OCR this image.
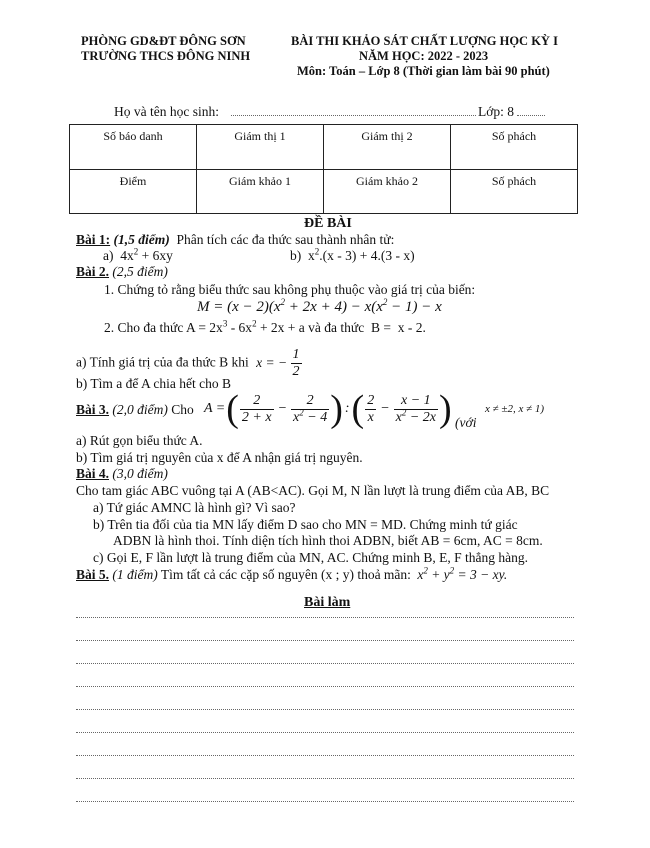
PHÒNG GD&ĐT ĐÔNG SƠN
TRƯỜNG THCS ĐÔNG NINH
BÀI THI KHẢO SÁT CHẤT LƯỢNG HỌC KỲ I
NĂM HỌC: 2022 - 2023
Môn: Toán – Lớp 8 (Thời gian làm bài 90 phút)
Họ và tên học sinh:	Lớp: 8
Số báo danh	Giám thị 1	Giám thị 2	Số phách
Điểm	Giám khảo 1	Giám khảo 2	Số phách
ĐỀ BÀI
Bài 1: (1,5 điểm) Phân tích các đa thức sau thành nhân tử:
a)  $4x^2 + 6xy$	b)  $x^2.(x - 3) + 4.(3 - x)$
Bài 2. (2,5 điểm)
1. Chứng tỏ rằng biểu thức sau không phụ thuộc vào giá trị của biến:
$M = (x - 2)(x^2 + 2x + 4) - x(x^2 - 1) - x$
2. Cho đa thức $A = 2x^3 - 6x^2 + 2x + a$ và đa thức  B =  x - 2.
a) Tính giá trị của đa thức B khi x = − $\frac{1}{2}$
b) Tìm a để A chia hết cho B
Bài 3. (2,0 điểm) Cho A = ( $\frac{2}{2 + x} - \frac{2}{x^2 - 4}$ ) : ( $\frac{2}{x} - \frac{x - 1}{x^2 - 2x}$ ) (với
x ≠ ±2, x ≠ 1)
a) Rút gọn biểu thức A.
b) Tìm giá trị nguyên của x để A nhận giá trị nguyên.
Bài 4. (3,0 điểm)
Cho tam giác ABC vuông tại A (AB<AC). Gọi M, N lần lượt là trung điểm của AB, BC
a) Tứ giác AMNC là hình gì? Vì sao?
b) Trên tia đối của tia MN lấy điểm D sao cho MN = MD. Chứng minh tứ giác
ADBN là hình thoi. Tính diện tích hình thoi ADBN, biết AB = 6cm, AC = 8cm.
c) Gọi E, F lần lượt là trung điểm của MN, AC. Chứng minh B, E, F thẳng hàng.
Bài 5. (1 điểm) Tìm tất cả các cặp số nguyên (x ; y) thoả mãn: $x^2 + y^2 = 3$ − xy.
Bài làm
